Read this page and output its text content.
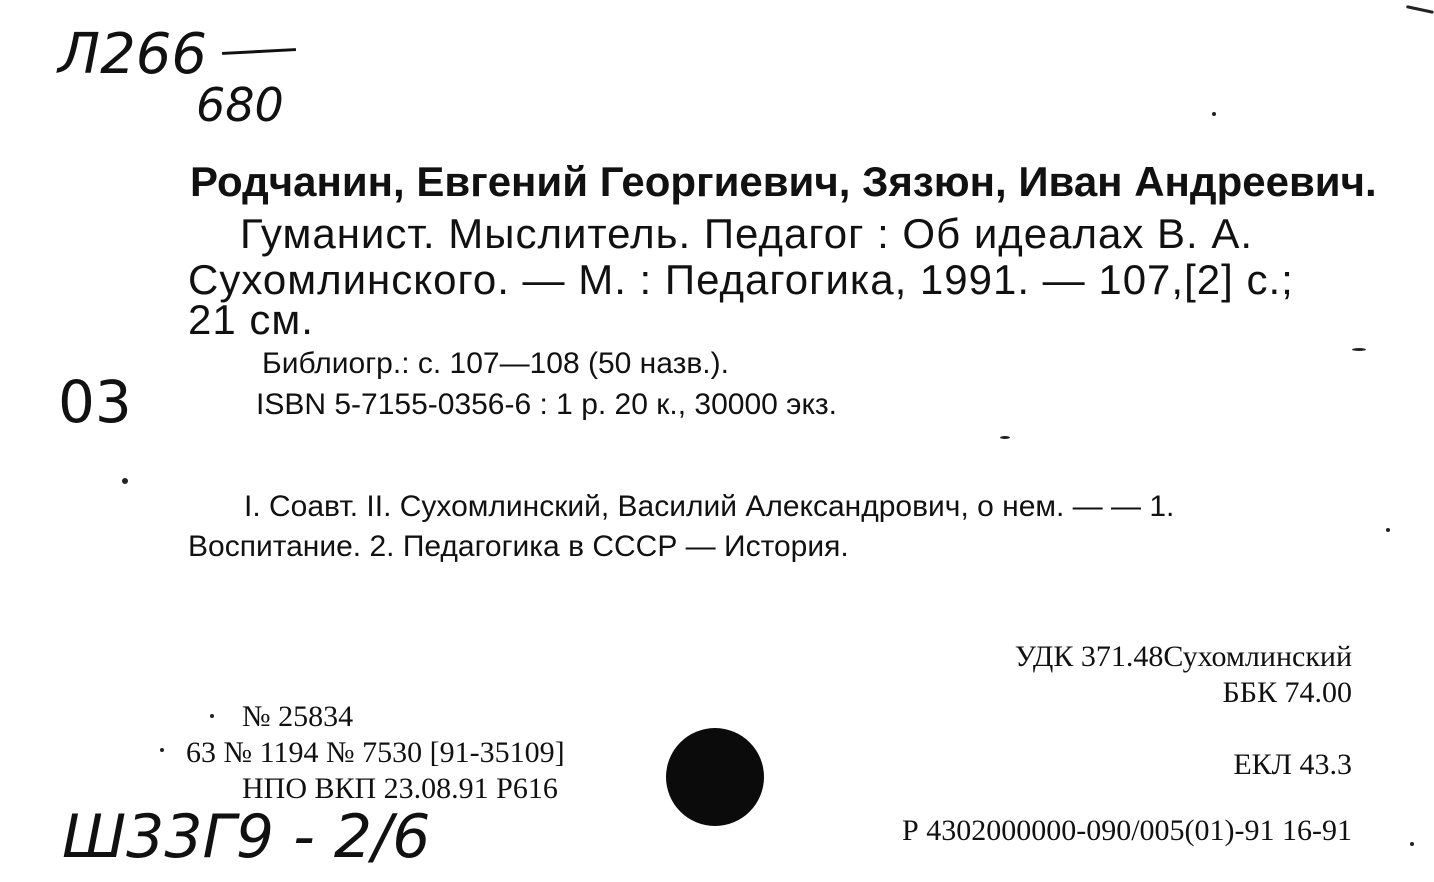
Л266
680
03
Ш33Г9 - 2/6
Родчанин, Евгений Георгиевич, Зязюн, Иван Андреевич.
Гуманист. Мыслитель. Педагог : Об идеалах В. А.
Сухомлинского. — М. : Педагогика, 1991. — 107,[2] с.;
21 см.
Библиогр.: с. 107—108 (50 назв.).
ISBN 5-7155-0356-6 : 1 р. 20 к., 30000 экз.
I. Соавт. II. Сухомлинский, Василий Александрович, о нем. — — 1.
Воспитание. 2. Педагогика в СССР — История.
УДК 371.48Сухомлинский
ББК 74.00
ЕКЛ 43.3
Р 4302000000-090/005(01)-91 16-91
№ 25834
63 № 1194 № 7530 [91-35109]
НПО ВКП 23.08.91 Р616
